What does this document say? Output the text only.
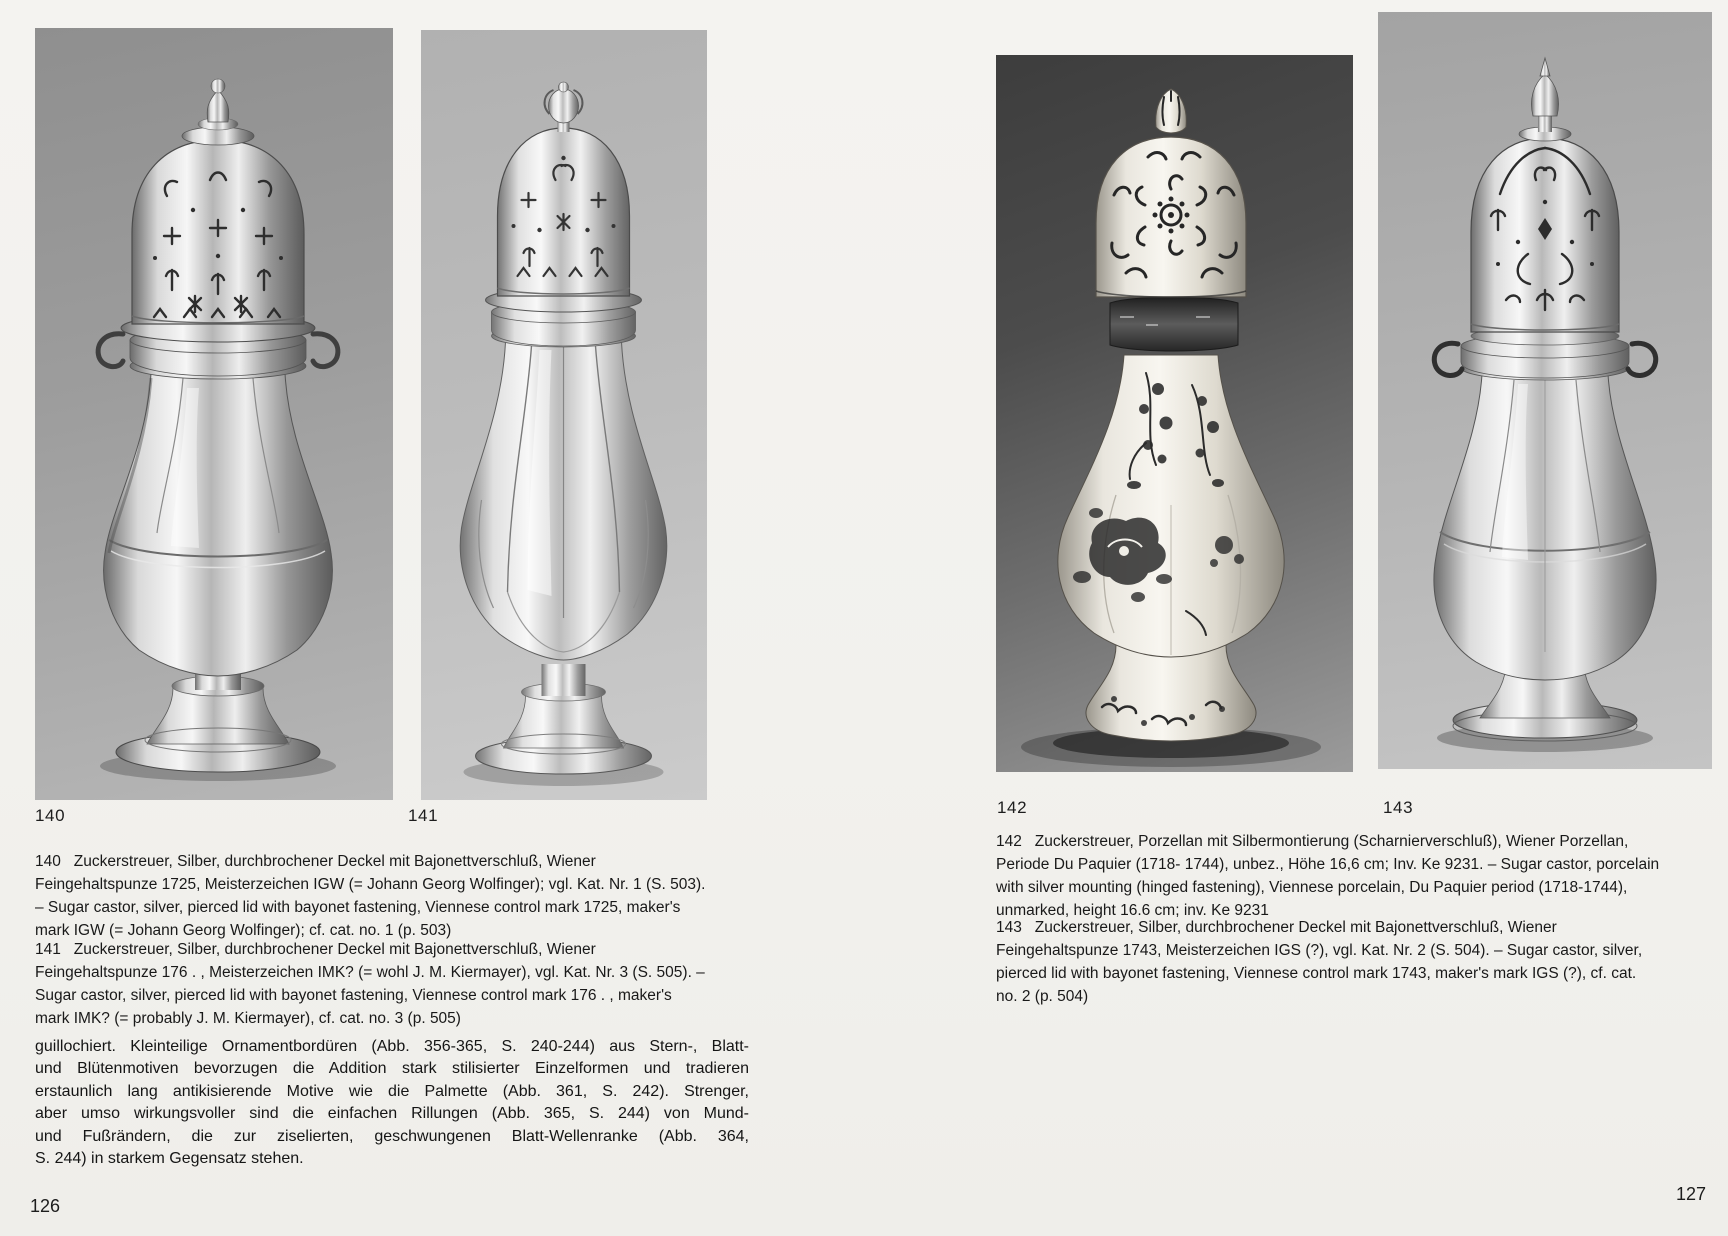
140	141
140   Zuckerstreuer, Silber, durchbrochener Deckel mit Bajonettverschluß, Wiener
Feingehaltspunze 1725, Meisterzeichen IGW (= Johann Georg Wolfinger); vgl. Kat. Nr. 1 (S. 503).
– Sugar castor, silver, pierced lid with bayonet fastening, Viennese control mark 1725, maker's
mark IGW (= Johann Georg Wolfinger); cf. cat. no. 1 (p. 503)
141   Zuckerstreuer, Silber, durchbrochener Deckel mit Bajonettverschluß, Wiener
Feingehaltspunze 176 . , Meisterzeichen IMK? (= wohl J. M. Kiermayer), vgl. Kat. Nr. 3 (S. 505). –
Sugar castor, silver, pierced lid with bayonet fastening, Viennese control mark 176 . , maker's
mark IMK? (= probably J. M. Kiermayer), cf. cat. no. 3 (p. 505)
guillochiert. Kleinteilige Ornamentbordüren (Abb. 356-365, S. 240-244) aus Stern-, Blatt-
und Blütenmotiven bevorzugen die Addition stark stilisierter Einzelformen und tradieren
erstaunlich lang antikisierende Motive wie die Palmette (Abb. 361, S. 242). Strenger,
aber umso wirkungsvoller sind die einfachen Rillungen (Abb. 365, S. 244) von Mund-
und Fußrändern, die zur ziselierten, geschwungenen Blatt-Wellenranke (Abb. 364,
S. 244) in starkem Gegensatz stehen.
126
142	143
142   Zuckerstreuer, Porzellan mit Silbermontierung (Scharnierverschluß), Wiener Porzellan,
Periode Du Paquier (1718- 1744), unbez., Höhe 16,6 cm; Inv. Ke 9231. – Sugar castor, porcelain
with silver mounting (hinged fastening), Viennese porcelain, Du Paquier period (1718-1744),
unmarked, height 16.6 cm; inv. Ke 9231
143   Zuckerstreuer, Silber, durchbrochener Deckel mit Bajonettverschluß, Wiener
Feingehaltspunze 1743, Meisterzeichen IGS (?), vgl. Kat. Nr. 2 (S. 504). – Sugar castor, silver,
pierced lid with bayonet fastening, Viennese control mark 1743, maker's mark IGS (?), cf. cat.
no. 2 (p. 504)
127
